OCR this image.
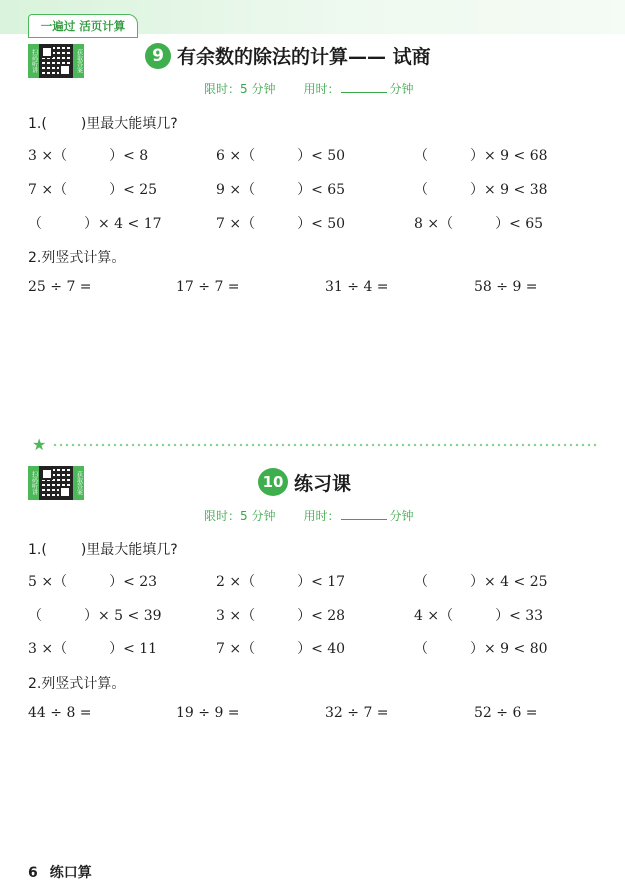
一遍过 活页计算
扫码听讲	获取答案	9 有余数的除法的计算—— 试商
限时：5 分钟 用时：	分钟
1.( )里最大能填几?
3 ×（　　　）< 8	6 ×（　　　）< 50	（　　　）× 9 < 68
7 ×（　　　）< 25	9 ×（　　　）< 65	（　　　）× 9 < 38
（　　　）× 4 < 17	7 ×（　　　）< 50	8 ×（　　　）< 65
2.列竖式计算。
25 ÷ 7 =	17 ÷ 7 =	31 ÷ 4 =	58 ÷ 9 =
★
扫码听讲	获取答案	10 练习课
限时：5 分钟 用时：	分钟
1.( )里最大能填几?
5 ×（　　　）< 23	2 ×（　　　）< 17	（　　　）× 4 < 25
（　　　）× 5 < 39	3 ×（　　　）< 28	4 ×（　　　）< 33
3 ×（　　　）< 11	7 ×（　　　）< 40	（　　　）× 9 < 80
2.列竖式计算。
44 ÷ 8 =	19 ÷ 9 =	32 ÷ 7 =	52 ÷ 6 =
6 练口算
